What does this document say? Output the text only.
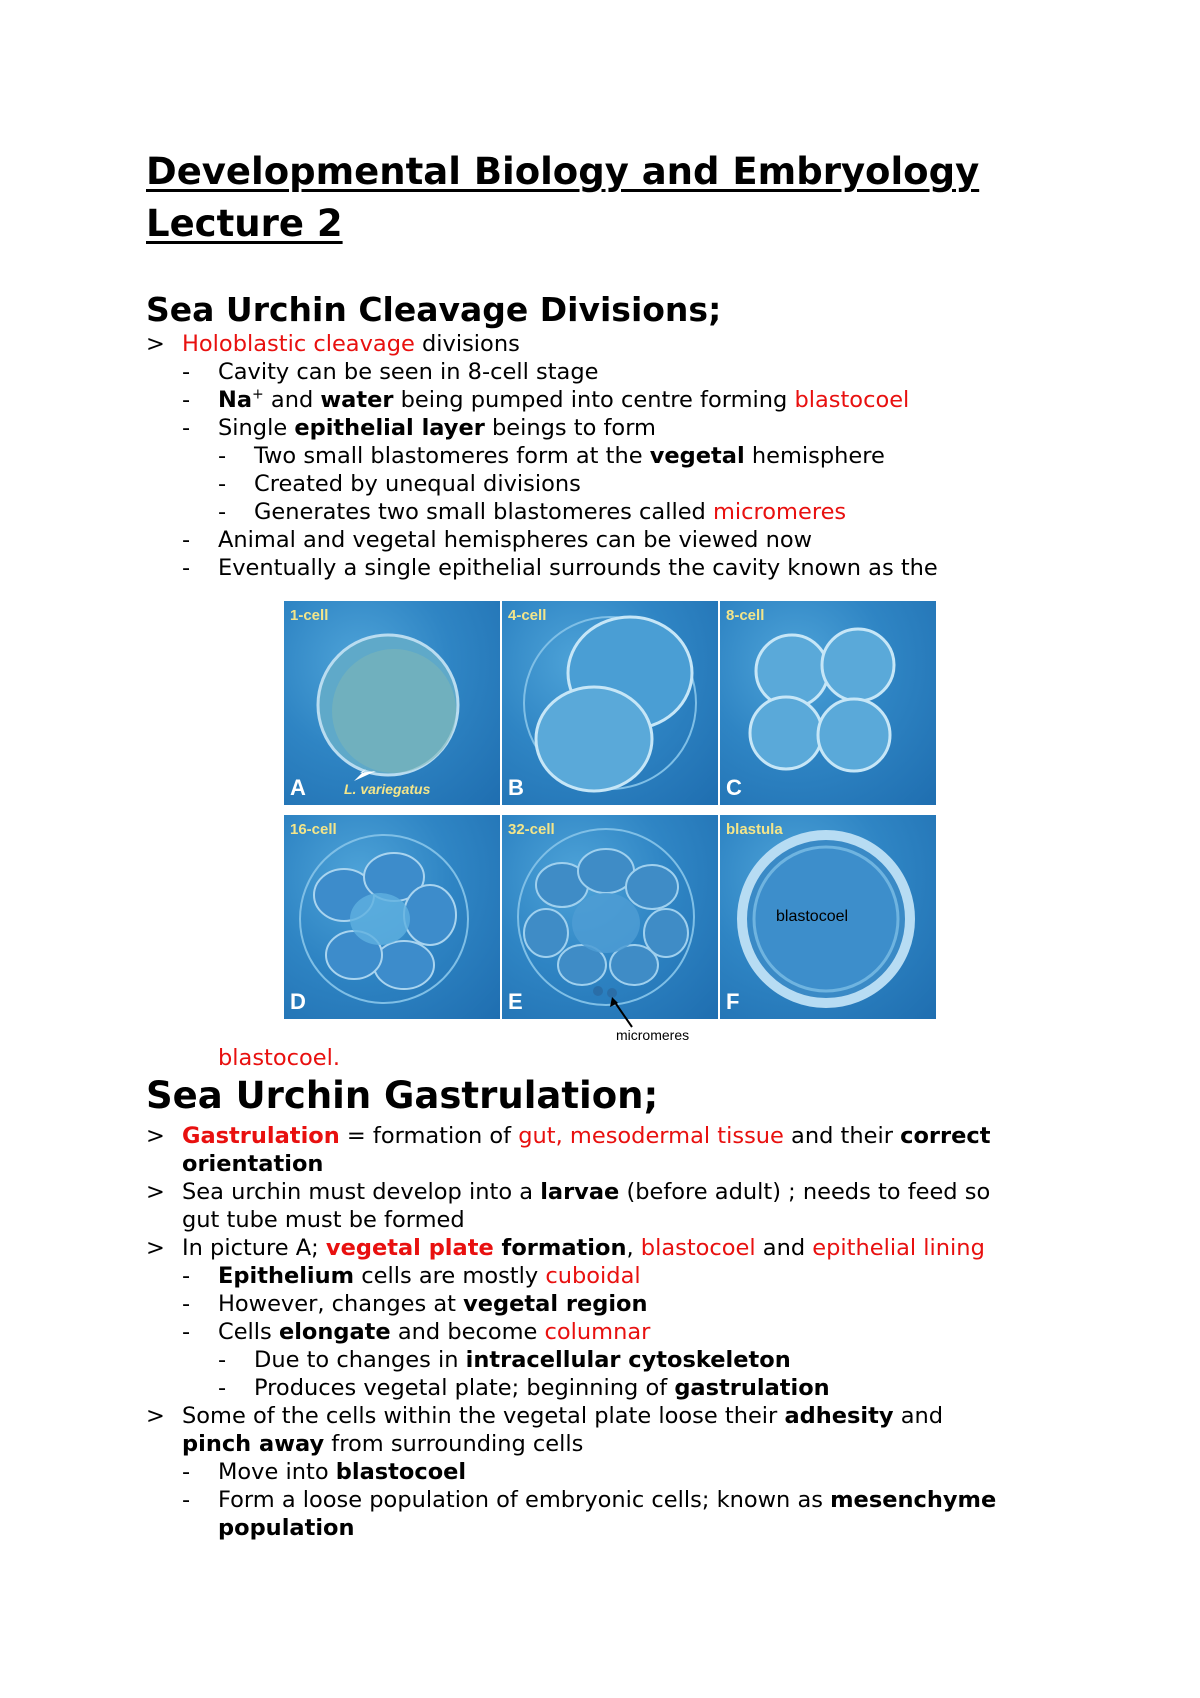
Developmental Biology and Embryology
Lecture 2
Sea Urchin Cleavage Divisions;
> Holoblastic cleavage divisions
- Cavity can be seen in 8-cell stage
- Na+ and water being pumped into centre forming blastocoel
- Single epithelial layer beings to form
- Two small blastomeres form at the vegetal hemisphere
- Created by unequal divisions
- Generates two small blastomeres called micromeres
- Animal and vegetal hemispheres can be viewed now
- Eventually a single epithelial surrounds the cavity known as the
1-cell
A	L. variegatus
4-cell
B
8-cell
C
16-cell
D
32-cell
E
blastula
blastocoel
F
micromeres
blastocoel.
Sea Urchin Gastrulation;
> Gastrulation = formation of gut, mesodermal tissue and their correct
orientation
> Sea urchin must develop into a larvae (before adult) ; needs to feed so
gut tube must be formed
> In picture A; vegetal plate formation, blastocoel and epithelial lining
- Epithelium cells are mostly cuboidal
- However, changes at vegetal region
- Cells elongate and become columnar
- Due to changes in intracellular cytoskeleton
- Produces vegetal plate; beginning of gastrulation
> Some of the cells within the vegetal plate loose their adhesity and
pinch away from surrounding cells
- Move into blastocoel
- Form a loose population of embryonic cells; known as mesenchyme
population
